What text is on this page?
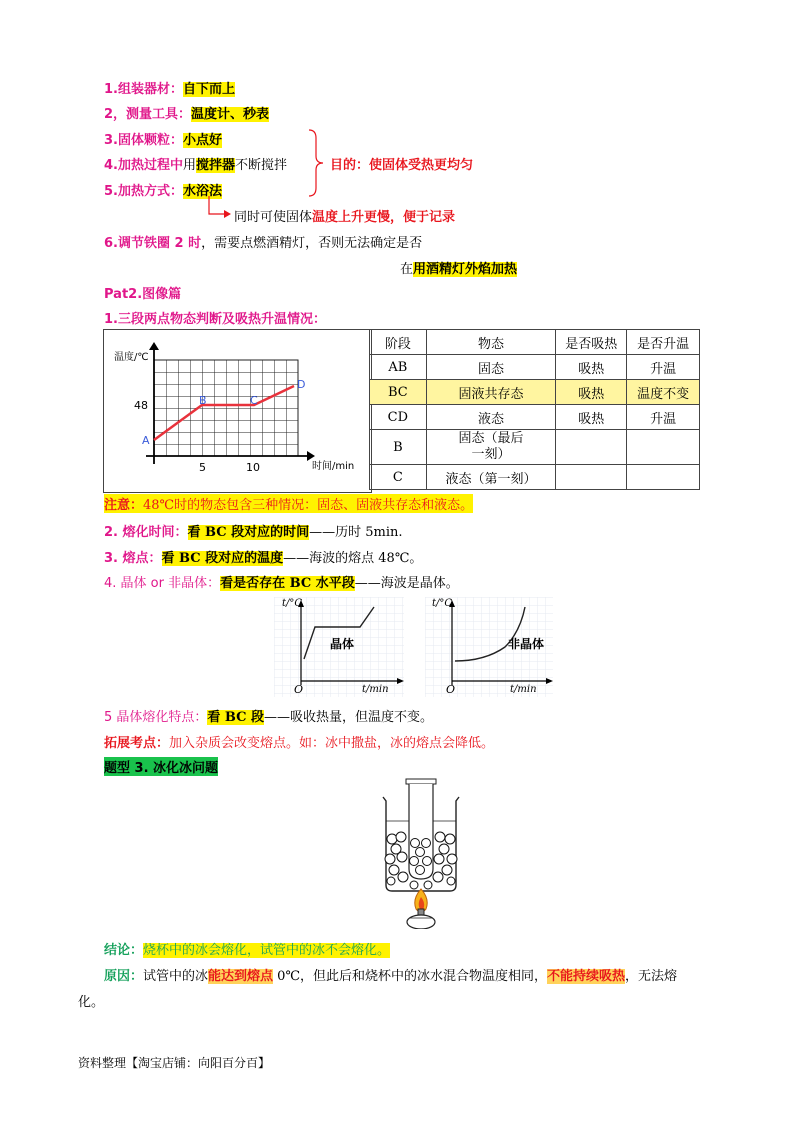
1.组装器材：自下而上
2，测量工具：温度计、秒表
3.固体颗粒：小点好
4.加热过程中用搅拌器不断搅拌
5.加热方式：水浴法
目的：使固体受热更均匀
同时可使固体温度上升更慢，便于记录
6.调节铁圈 2 时，需要点燃酒精灯，否则无法确定是否
在用酒精灯外焰加热
Pat2.图像篇
1.三段两点物态判断及吸热升温情况：
温度/℃
48
5	10	时间/min
A
B	C
D
阶段	物态	是否吸热	是否升温
AB	固态	吸热	升温
BC	固液共存态	吸热	温度不变
CD	液态	吸热	升温
B	固态（最后一刻）		
C	液态（第一刻）		
注意：48℃时的物态包含三种情况：固态、固液共存态和液态。
2. 熔化时间：看 BC 段对应的时间——历时 5min.
3. 熔点：看 BC 段对应的温度——海波的熔点 48℃。
4. 晶体 or 非晶体：看是否存在 BC 水平段——海波是晶体。
t/°C
晶体
O	t/min
t/°C
非晶体
O	t/min
5 晶体熔化特点：看 BC 段——吸收热量，但温度不变。
拓展考点：加入杂质会改变熔点。如：冰中撒盐，冰的熔点会降低。
题型 3. 冰化冰问题
结论：烧杯中的冰会熔化，试管中的冰不会熔化。
原因：试管中的冰能达到熔点 0℃，但此后和烧杯中的冰水混合物温度相同，不能持续吸热，无法熔
化。
资料整理【淘宝店铺：向阳百分百】
